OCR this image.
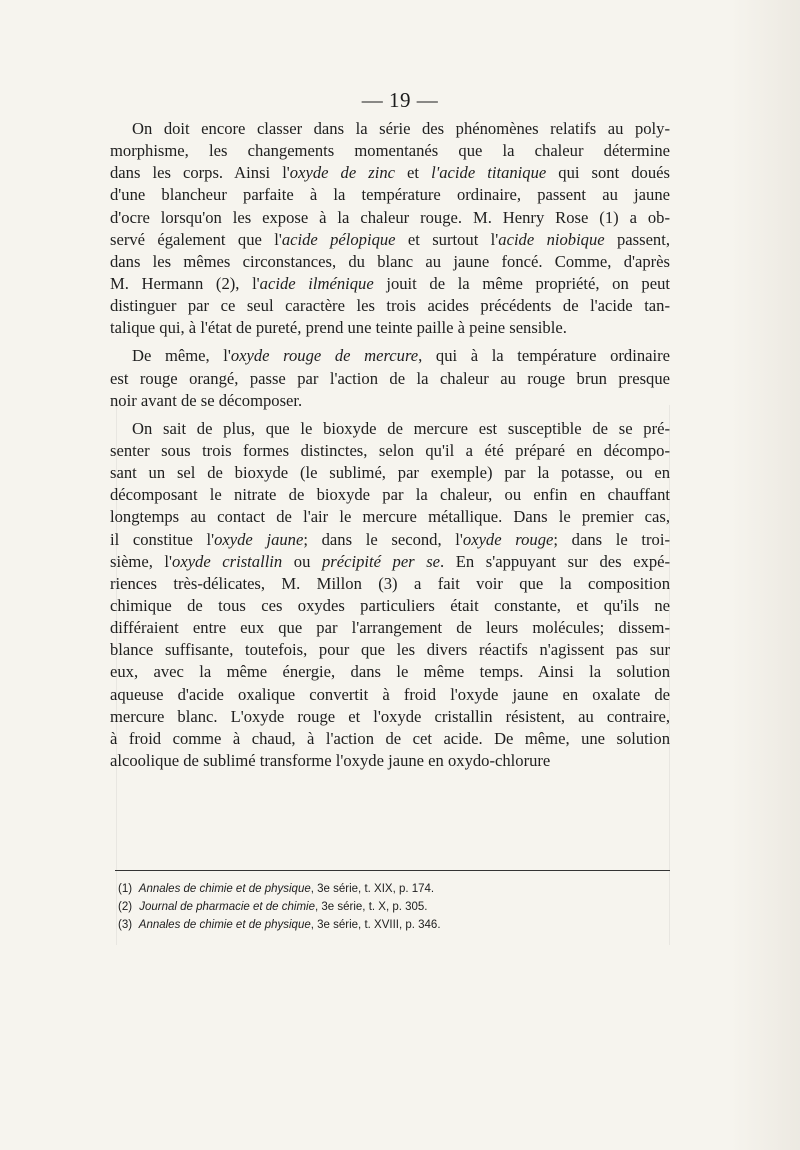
— 19 —
On doit encore classer dans la série des phénomènes relatifs au poly-
morphisme, les changements momentanés que la chaleur détermine
dans les corps. Ainsi l'oxyde de zinc et l'acide titanique qui sont doués
d'une blancheur parfaite à la température ordinaire, passent au jaune
d'ocre lorsqu'on les expose à la chaleur rouge. M. Henry Rose (1) a ob-
servé également que l'acide pélopique et surtout l'acide niobique passent,
dans les mêmes circonstances, du blanc au jaune foncé. Comme, d'après
M. Hermann (2), l'acide ilménique jouit de la même propriété, on peut
distinguer par ce seul caractère les trois acides précédents de l'acide tan-
talique qui, à l'état de pureté, prend une teinte paille à peine sensible.
De même, l'oxyde rouge de mercure, qui à la température ordinaire
est rouge orangé, passe par l'action de la chaleur au rouge brun presque
noir avant de se décomposer.
On sait de plus, que le bioxyde de mercure est susceptible de se pré-
senter sous trois formes distinctes, selon qu'il a été préparé en décompo-
sant un sel de bioxyde (le sublimé, par exemple) par la potasse, ou en
décomposant le nitrate de bioxyde par la chaleur, ou enfin en chauffant
longtemps au contact de l'air le mercure métallique. Dans le premier cas,
il constitue l'oxyde jaune; dans le second, l'oxyde rouge; dans le troi-
sième, l'oxyde cristallin ou précipité per se. En s'appuyant sur des expé-
riences très-délicates, M. Millon (3) a fait voir que la composition
chimique de tous ces oxydes particuliers était constante, et qu'ils ne
différaient entre eux que par l'arrangement de leurs molécules; dissem-
blance suffisante, toutefois, pour que les divers réactifs n'agissent pas sur
eux, avec la même énergie, dans le même temps. Ainsi la solution
aqueuse d'acide oxalique convertit à froid l'oxyde jaune en oxalate de
mercure blanc. L'oxyde rouge et l'oxyde cristallin résistent, au contraire,
à froid comme à chaud, à l'action de cet acide. De même, une solution
alcoolique de sublimé transforme l'oxyde jaune en oxydo-chlorure
(1) Annales de chimie et de physique, 3e série, t. XIX, p. 174.
(2) Journal de pharmacie et de chimie, 3e série, t. X, p. 305.
(3) Annales de chimie et de physique, 3e série, t. XVIII, p. 346.
